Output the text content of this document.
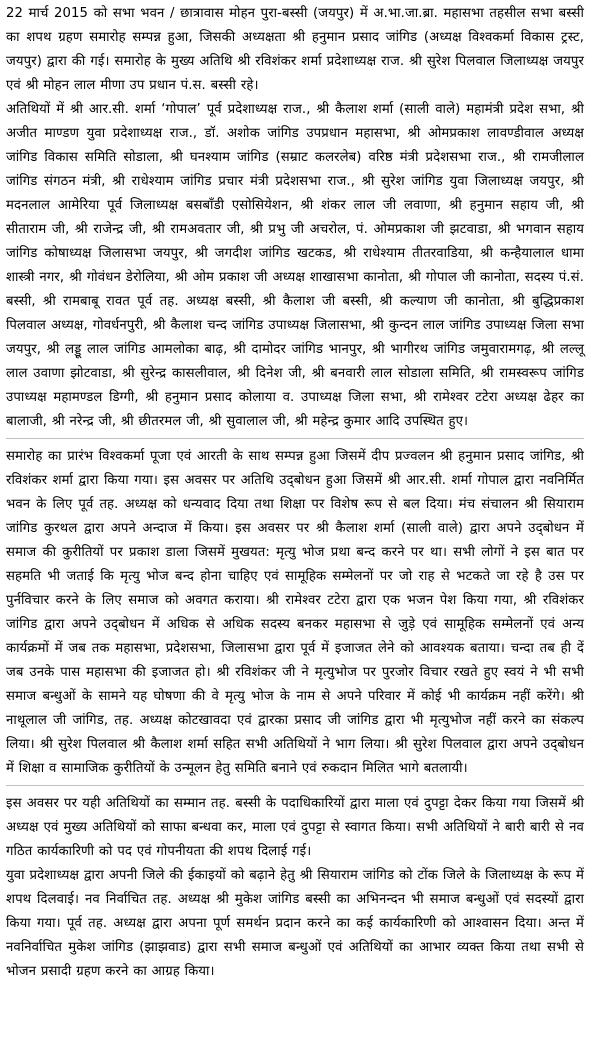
22 मार्च 2015 को सभा भवन / छात्रावास मोहन पुरा-बस्सी (जयपुर) में अ.भा.जा.ब्रा. महासभा तहसील सभा बस्सी का शपथ ग्रहण समारोह सम्पन्न हुआ, जिसकी अध्यक्षता श्री हनुमान प्रसाद जांगिड (अध्यक्ष विश्वकर्मा विकास ट्रस्ट, जयपुर) द्वारा की गई। समारोह के मुख्य अतिथि श्री रविशंकर शर्मा प्रदेशाध्यक्ष राज. श्री सुरेश पिलवाल जिलाध्यक्ष जयपुर एवं श्री मोहन लाल मीणा उप प्रधान पं.स. बस्सी रहे।

अतिथियों में श्री आर.सी. शर्मा ‘गोपाल’ पूर्व प्रदेशाध्यक्ष राज., श्री कैलाश शर्मा (साली वाले) महामंत्री प्रदेश सभा, श्री अजीत माण्डण युवा प्रदेशाध्यक्ष राज., डॉ. अशोक जांगिड उपप्रधान महासभा, श्री ओमप्रकाश लावण्डीवाल अध्यक्ष जांगिड विकास समिति सोडाला, श्री घनश्याम जांगिड (सम्राट कलरलेब) वरिष्ठ मंत्री प्रदेशसभा राज., श्री रामजीलाल जांगिड संगठन मंत्री, श्री राधेश्याम जांगिड प्रचार मंत्री प्रदेशसभा राज., श्री सुरेश जांगिड युवा जिलाध्यक्ष जयपुर, श्री मदनलाल आमेरिया पूर्व जिलाध्यक्ष बसबाँडी एसोसियेशन, श्री शंकर लाल जी लवाणा, श्री हनुमान सहाय जी, श्री सीताराम जी, श्री राजेन्द्र जी, श्री रामअवतार जी, श्री प्रभु जी अचरोल, पं. ओमप्रकाश जी झटवाडा, श्री भगवान सहाय जांगिड कोषाध्यक्ष जिलासभा जयपुर, श्री जगदीश जांगिड खटकड, श्री राधेश्याम तीतरवाडिया, श्री कन्हैयालाल धामा शास्त्री नगर, श्री गोवंधन डेरोलिया, श्री ओम प्रकाश जी अध्यक्ष शाखासभा कानोता, श्री गोपाल जी कानोता, सदस्य पं.सं. बस्सी, श्री रामबाबू रावत पूर्व तह. अध्यक्ष बस्सी, श्री कैलाश जी बस्सी, श्री कल्याण जी कानोता, श्री बुद्धिप्रकाश पिलवाल अध्यक्ष, गोवर्धनपुरी, श्री कैलाश चन्द जांगिड उपाध्यक्ष जिलासभा, श्री कुन्दन लाल जांगिड उपाध्यक्ष जिला सभा जयपुर, श्री लड्डू लाल जांगिड आमलोका बाढ़, श्री दामोदर जांगिड भानपुर, श्री भागीरथ जांगिड जमुवारामगढ़, श्री लल्लू लाल उवाणा झोटवाडा, श्री सुरेन्द्र कासलीवाल, श्री दिनेश जी, श्री बनवारी लाल सोडाला समिति, श्री रामस्वरूप जांगिड उपाध्यक्ष महामण्डल डिग्गी, श्री हनुमान प्रसाद कोलाया व. उपाध्यक्ष जिला सभा, श्री रामेश्वर टटेरा अध्यक्ष ढेहर का बालाजी, श्री नरेन्द्र जी, श्री छीतरमल जी, श्री सुवालाल जी, श्री महेन्द्र कुमार आदि उपस्थित हुए।

समारोह का प्रारंभ विश्वकर्मा पूजा एवं आरती के साथ सम्पन्न हुआ जिसमें दीप प्रज्वलन श्री हनुमान प्रसाद जांगिड, श्री रविशंकर शर्मा द्वारा किया गया। इस अवसर पर अतिथि उद्‌बोधन हुआ जिसमें श्री आर.सी. शर्मा गोपाल द्वारा नवनिर्मित भवन के लिए पूर्व तह. अध्यक्ष को धन्यवाद दिया तथा शिक्षा पर विशेष रूप से बल दिया। मंच संचालन श्री सियाराम जांगिड कुरथल द्वारा अपने अन्दाज में किया। इस अवसर पर श्री कैलाश शर्मा (साली वाले) द्वारा अपने उद्‌बोधन में समाज की कुरीतियों पर प्रकाश डाला जिसमें मुखयत: मृत्यु भोज प्रथा बन्द करने पर था। सभी लोगों ने इस बात पर सहमति भी जताई कि मृत्यु भोज बन्द होना चाहिए एवं सामूहिक सम्मेलनों पर जो राह से भटकते जा रहे है उस पर पुर्नविचार करने के लिए समाज को अवगत कराया। श्री रामेश्वर टटेरा द्वारा एक भजन पेश किया गया, श्री रविशंकर जांगिड द्वारा अपने उद्‌बोधन में अधिक से अधिक सदस्य बनकर महासभा से जुड़े एवं सामूहिक सम्मेलनों एवं अन्य कार्यक्रमों में जब तक महासभा, प्रदेशसभा, जिलासभा द्वारा पूर्व में इजाजत लेने को आवश्यक बताया। चन्दा तब ही दें जब उनके पास महासभा की इजाजत हो। श्री रविशंकर जी ने मृत्युभोज पर पुरजोर विचार रखते हुए स्वयं ने भी सभी समाज बन्धुओं के सामने यह घोषणा की वे मृत्यु भोज के नाम से अपने परिवार में कोई भी कार्यक्रम नहीं करेंगे। श्री नाथूलाल जी जांगिड, तह. अध्यक्ष कोटखावदा एवं द्वारका प्रसाद जी जांगिड द्वारा भी मृत्युभोज नहीं करने का संकल्प लिया। श्री सुरेश पिलवाल श्री कैलाश शर्मा सहित सभी अतिथियों ने भाग लिया। श्री सुरेश पिलवाल द्वारा अपने उद्‌बोधन में शिक्षा व सामाजिक कुरीतियों के उन्मूलन हेतु समिति बनाने एवं रुकदान मिलित भागे बतलायी।

इस अवसर पर यही अतिथियों का सम्मान तह. बस्सी के पदाधिकारियों द्वारा माला एवं दुपट्टा देकर किया गया जिसमें श्री अध्यक्ष एवं मुख्य अतिथियों को साफा बन्धवा कर, माला एवं दुपट्टा से स्वागत किया। सभी अतिथियों ने बारी बारी से नव गठित कार्यकारिणी को पद एवं गोपनीयता की शपथ दिलाई गई।

युवा प्रदेशाध्यक्ष द्वारा अपनी जिले की ईकाइयों को बढ़ाने हेतु श्री सियाराम जांगिड को टोंक जिले के जिलाध्यक्ष के रूप में शपथ दिलवाई। नव निर्वाचित तह. अध्यक्ष श्री मुकेश जांगिड बस्सी का अभिनन्दन भी समाज बन्धुओं एवं सदस्यों द्वारा किया गया। पूर्व तह. अध्यक्ष द्वारा अपना पूर्ण समर्थन प्रदान करने का कई कार्यकारिणी को आश्वासन दिया। अन्त में नवनिर्वाचित मुकेश जांगिड (झाझवाड) द्वारा सभी समाज बन्धुओं एवं अतिथियों का आभार व्यक्त किया तथा सभी से भोजन प्रसादी ग्रहण करने का आग्रह किया।
